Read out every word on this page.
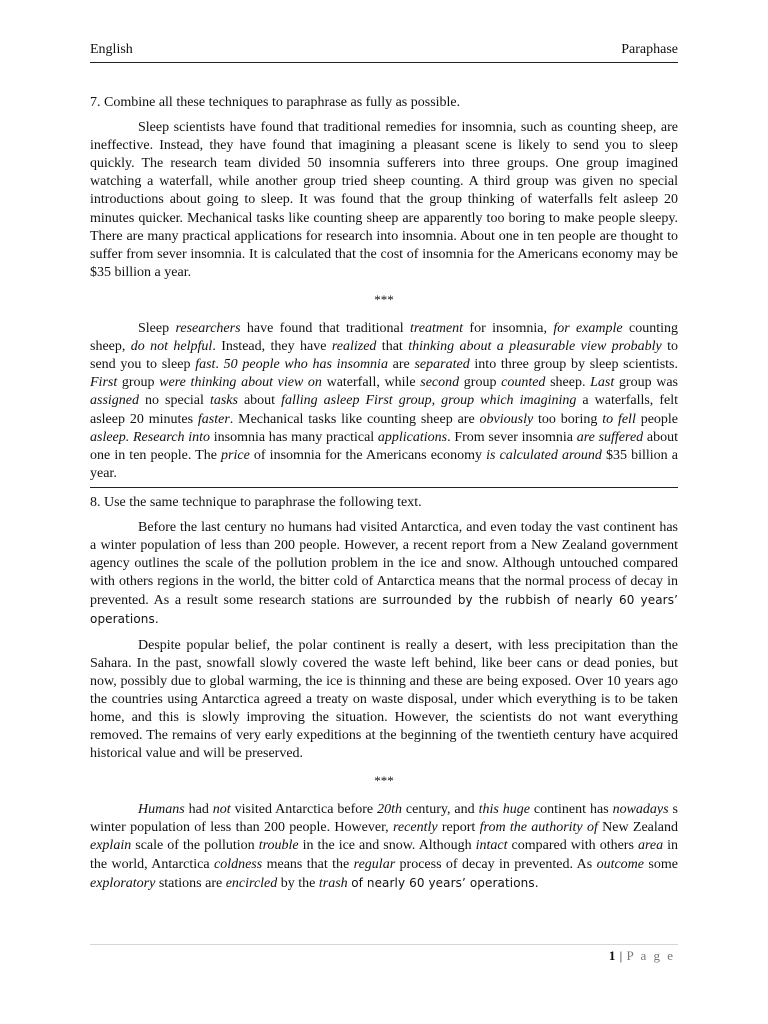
English	Paraphase

7. Combine all these techniques to paraphrase as fully as possible.

Sleep scientists have found that traditional remedies for insomnia, such as counting sheep, are ineffective. Instead, they have found that imagining a pleasant scene is likely to send you to sleep quickly. The research team divided 50 insomnia sufferers into three groups. One group imagined watching a waterfall, while another group tried sheep counting. A third group was given no special introductions about going to sleep. It was found that the group thinking of waterfalls felt asleep 20 minutes quicker. Mechanical tasks like counting sheep are apparently too boring to make people sleepy. There are many practical applications for research into insomnia. About one in ten people are thought to suffer from sever insomnia. It is calculated that the cost of insomnia for the Americans economy may be $35 billion a year.

***

Sleep researchers have found that traditional treatment for insomnia, for example counting sheep, do not helpful. Instead, they have realized that thinking about a pleasurable view probably to send you to sleep fast. 50 people who has insomnia are separated into three group by sleep scientists. First group were thinking about view on waterfall, while second group counted sheep. Last group was assigned no special tasks about falling asleep First group, group which imagining a waterfalls, felt asleep 20 minutes faster. Mechanical tasks like counting sheep are obviously too boring to fell people asleep. Research into insomnia has many practical applications. From sever insomnia are suffered about one in ten people. The price of insomnia for the Americans economy is calculated around $35 billion a year.

8. Use the same technique to paraphrase the following text.

Before the last century no humans had visited Antarctica, and even today the vast continent has a winter population of less than 200 people. However, a recent report from a New Zealand government agency outlines the scale of the pollution problem in the ice and snow. Although untouched compared with others regions in the world, the bitter cold of Antarctica means that the normal process of decay in prevented. As a result some research stations are surrounded by the rubbish of nearly 60 years’ operations.

Despite popular belief, the polar continent is really a desert, with less precipitation than the Sahara. In the past, snowfall slowly covered the waste left behind, like beer cans or dead ponies, but now, possibly due to global warming, the ice is thinning and these are being exposed. Over 10 years ago the countries using Antarctica agreed a treaty on waste disposal, under which everything is to be taken home, and this is slowly improving the situation. However, the scientists do not want everything removed. The remains of very early expeditions at the beginning of the twentieth century have acquired historical value and will be preserved.

***

Humans had not visited Antarctica before 20th century, and this huge continent has nowadays s winter population of less than 200 people. However, recently report from the authority of New Zealand explain scale of the pollution trouble in the ice and snow. Although intact compared with others area in the world, Antarctica coldness means that the regular process of decay in prevented. As outcome some exploratory stations are encircled by the trash of nearly 60 years’ operations.

1 | P a g e
